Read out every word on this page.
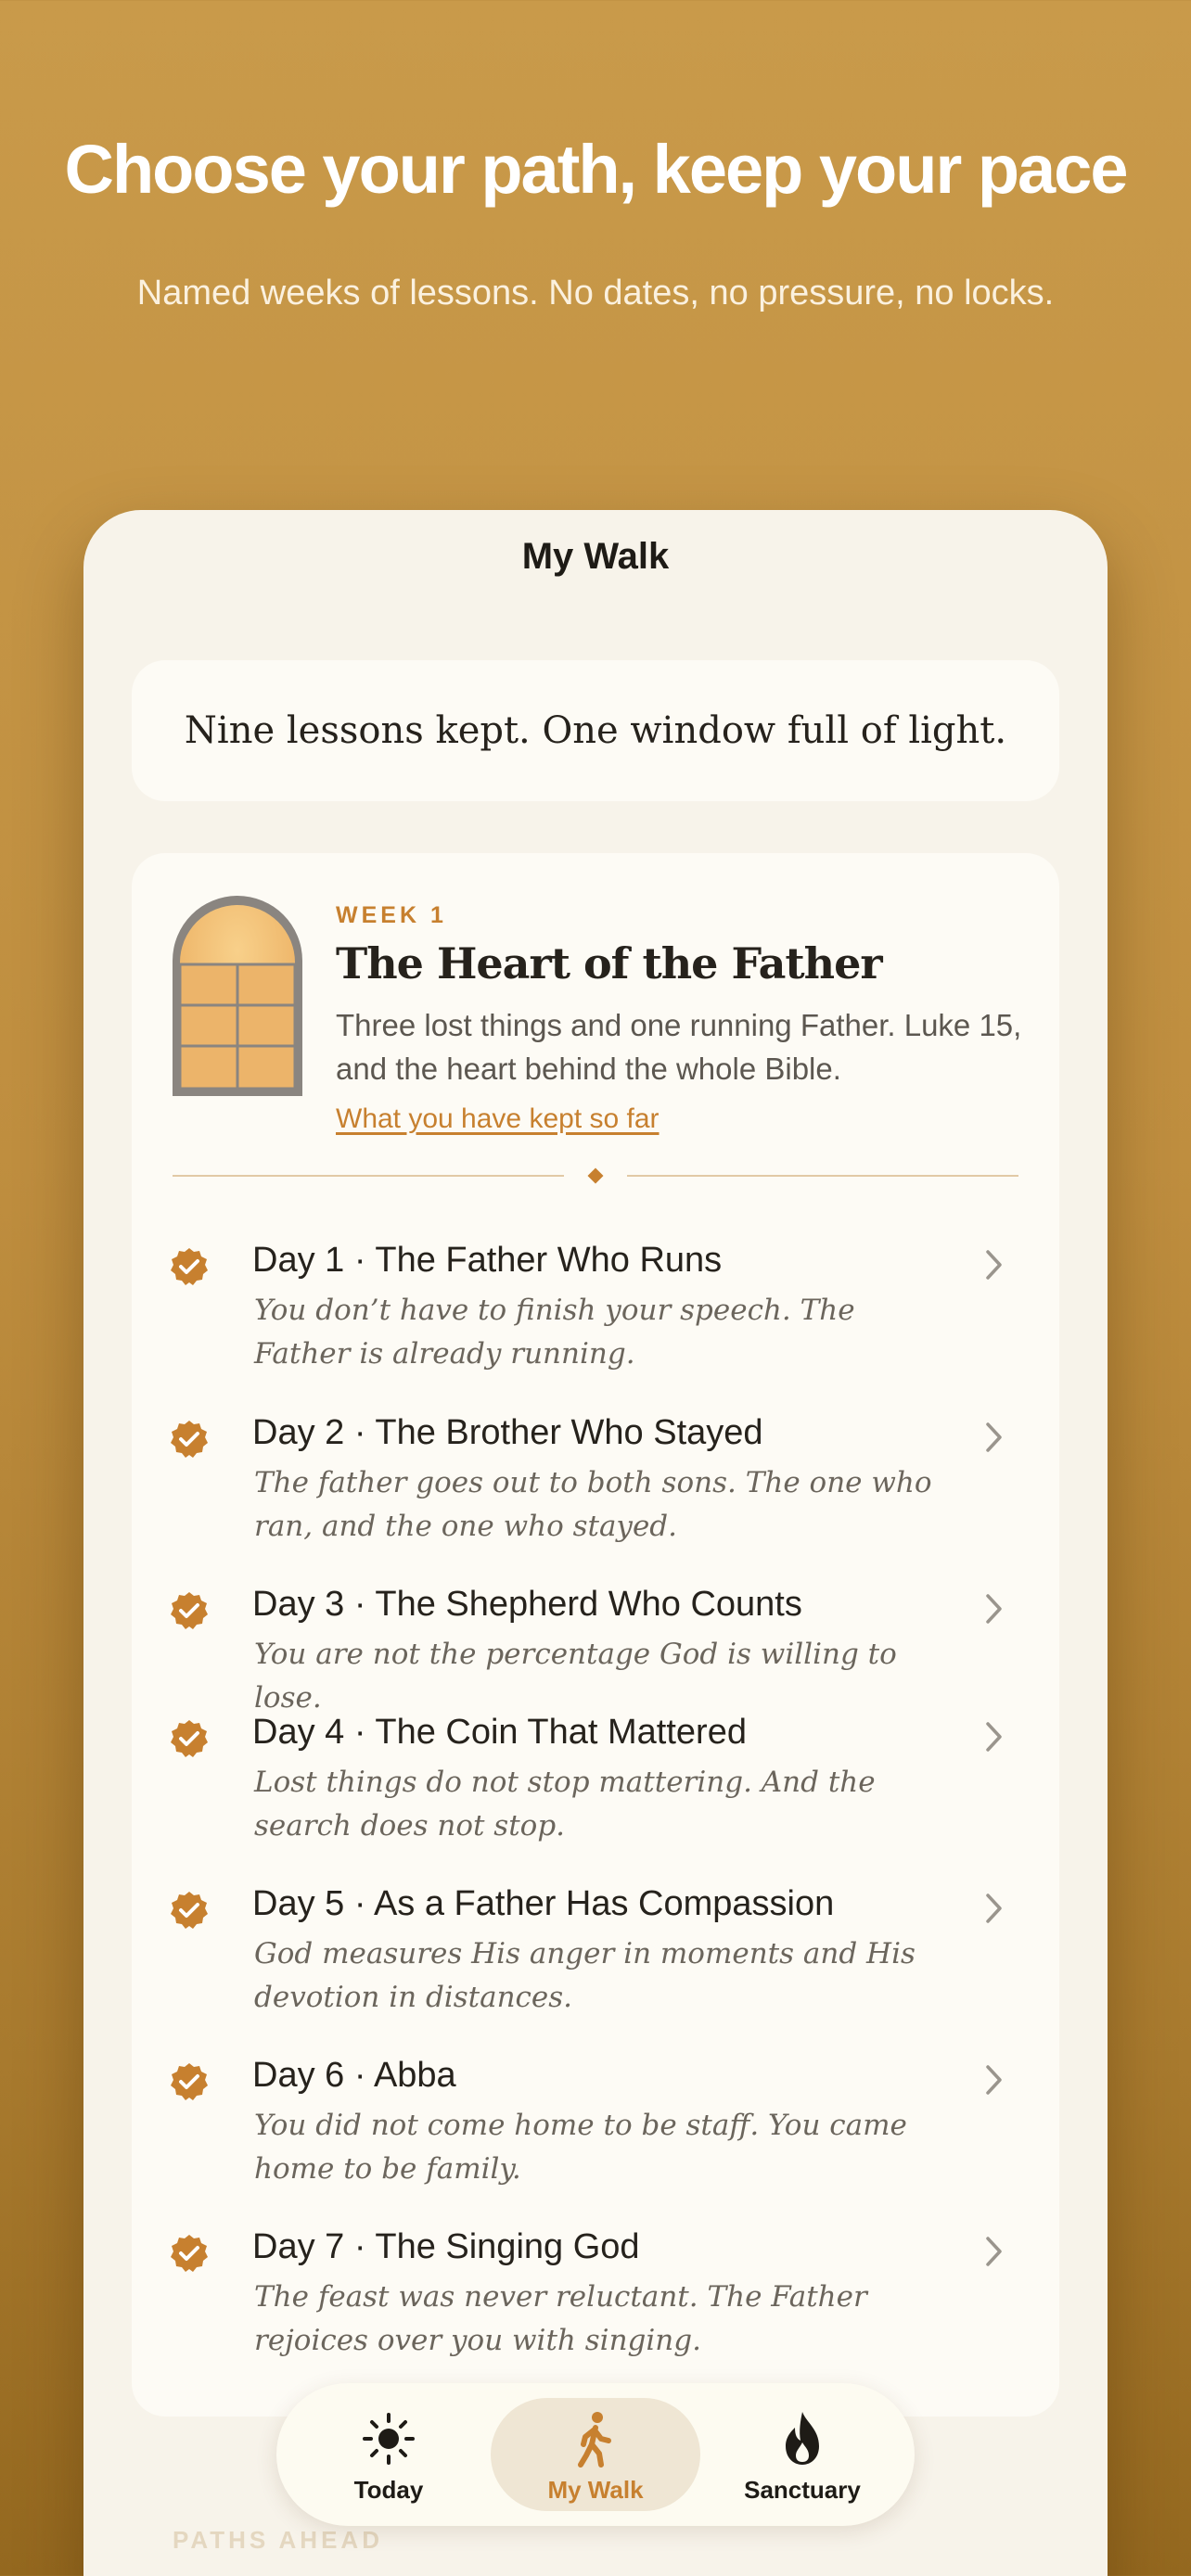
Choose your path, keep your pace
Named weeks of lessons. No dates, no pressure, no locks.
My Walk
Nine lessons kept. One window full of light.
WEEK 1
The Heart of the Father
Three lost things and one running Father. Luke 15, and the heart behind the whole Bible.
What you have kept so far
Day 1 · The Father Who Runs
You don’t have to finish your speech. The Father is already running.
Day 2 · The Brother Who Stayed
The father goes out to both sons. The one who ran, and the one who stayed.
Day 3 · The Shepherd Who Counts
You are not the percentage God is willing to lose.
Day 4 · The Coin That Mattered
Lost things do not stop mattering. And the search does not stop.
Day 5 · As a Father Has Compassion
God measures His anger in moments and His devotion in distances.
Day 6 · Abba
You did not come home to be staff. You came home to be family.
Day 7 · The Singing God
The feast was never reluctant. The Father rejoices over you with singing.
PATHS AHEAD
Today	My Walk	Sanctuary
